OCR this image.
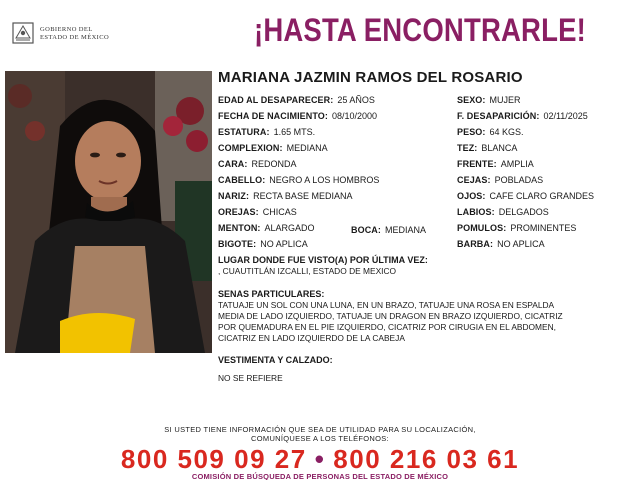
GOBIERNO DEL
ESTADO DE MÉXICO	¡HASTA ENCONTRARLE!
MARIANA JAZMIN RAMOS DEL ROSARIO
EDAD AL DESAPARECER: 25 AÑOS
FECHA DE NACIMIENTO: 08/10/2000
ESTATURA: 1.65 MTS.
COMPLEXION: MEDIANA
CARA: REDONDA
CABELLO: NEGRO A LOS HOMBROS
NARIZ: RECTA BASE MEDIANA
OREJAS: CHICAS
MENTON: ALARGADO	BOCA: MEDIANA
BIGOTE: NO APLICA
SEXO: MUJER
F. DESAPARICIÓN: 02/11/2025
PESO: 64 KGS.
TEZ: BLANCA
FRENTE: AMPLIA
CEJAS: POBLADAS
OJOS: CAFE CLARO GRANDES
LABIOS: DELGADOS
POMULOS: PROMINENTES
BARBA: NO APLICA
LUGAR DONDE FUE VISTO(A) POR ÚLTIMA VEZ:
, CUAUTITLÁN IZCALLI, ESTADO DE MEXICO
SENAS PARTICULARES:
TATUAJE UN SOL CON UNA LUNA, EN UN BRAZO, TATUAJE UNA ROSA EN ESPALDA
MEDIA DE LADO IZQUIERDO, TATUAJE UN DRAGON EN BRAZO IZQUIERDO, CICATRIZ
POR QUEMADURA EN EL PIE IZQUIERDO, CICATRIZ POR CIRUGIA EN EL ABDOMEN,
CICATRIZ EN LADO IZQUIERDO DE LA CABEJA
VESTIMENTA Y CALZADO:
NO SE REFIERE
SI USTED TIENE INFORMACIÓN QUE SEA DE UTILIDAD PARA SU LOCALIZACIÓN,
COMUNÍQUESE A LOS TELÉFONOS:
800 509 09 27 • 800 216 03 61
COMISIÓN DE BÚSQUEDA DE PERSONAS DEL ESTADO DE MÉXICO
